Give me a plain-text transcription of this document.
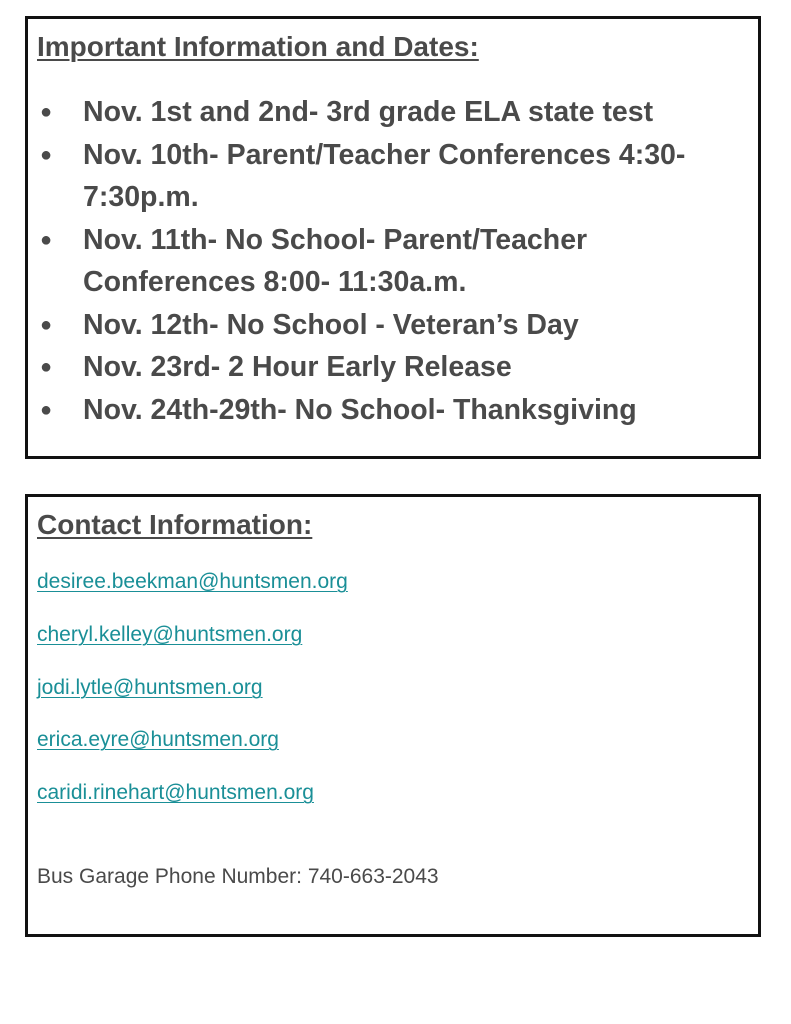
Important Information and Dates:
● Nov. 1st and 2nd- 3rd grade ELA state test
● Nov. 10th- Parent/Teacher Conferences 4:30-7:30p.m.
● Nov. 11th- No School- Parent/Teacher Conferences 8:00- 11:30a.m.
● Nov. 12th- No School - Veteran’s Day
● Nov. 23rd- 2 Hour Early Release
● Nov. 24th-29th- No School- Thanksgiving
Contact Information:
desiree.beekman@huntsmen.org
cheryl.kelley@huntsmen.org
jodi.lytle@huntsmen.org
erica.eyre@huntsmen.org
caridi.rinehart@huntsmen.org
Bus Garage Phone Number: 740-663-2043
